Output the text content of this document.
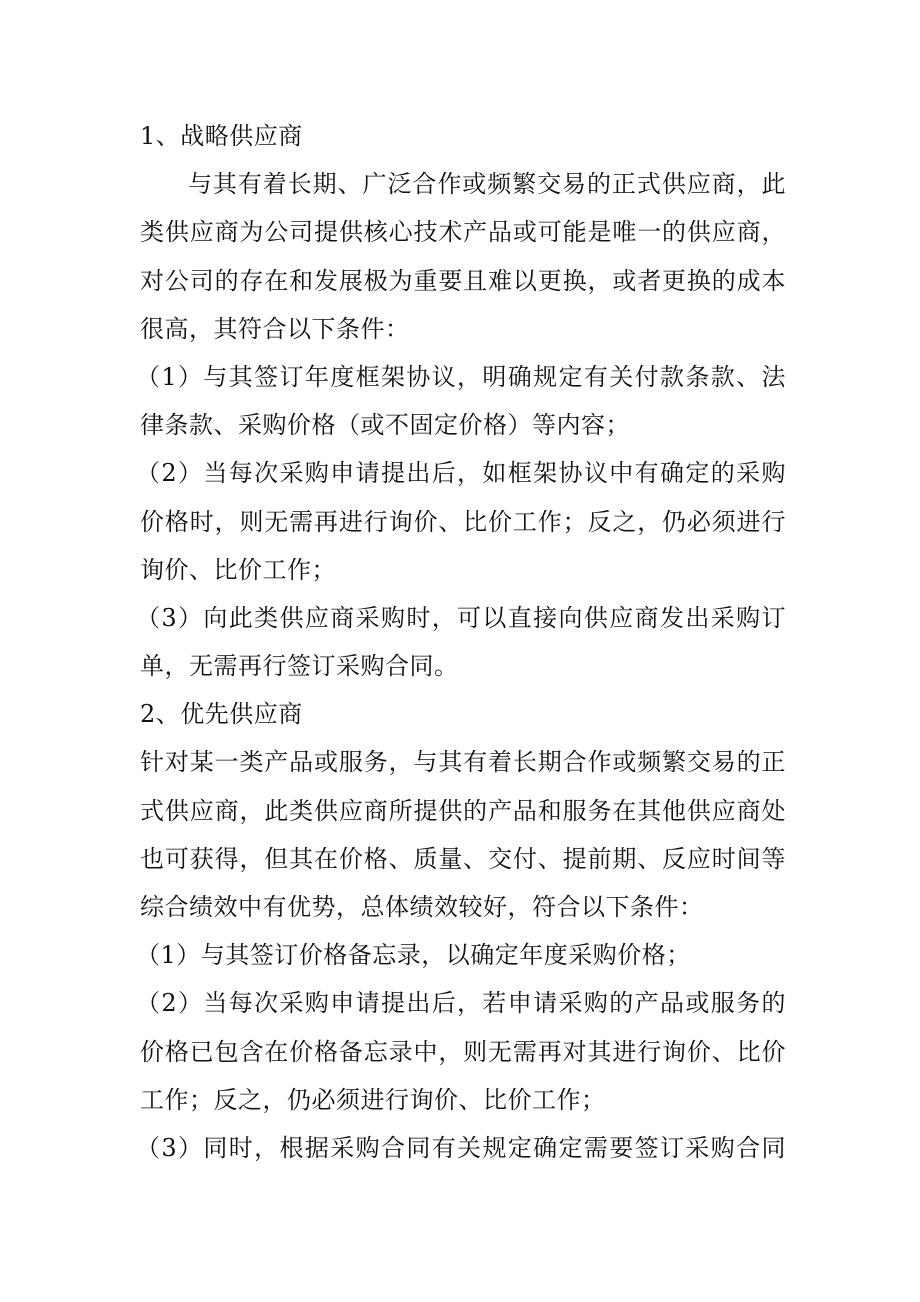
1、战略供应商
与其有着长期、广泛合作或频繁交易的正式供应商，此
类供应商为公司提供核心技术产品或可能是唯一的供应商，
对公司的存在和发展极为重要且难以更换，或者更换的成本
很高，其符合以下条件：
（1）与其签订年度框架协议，明确规定有关付款条款、法
律条款、采购价格（或不固定价格）等内容；
（2）当每次采购申请提出后，如框架协议中有确定的采购
价格时，则无需再进行询价、比价工作；反之，仍必须进行
询价、比价工作；
（3）向此类供应商采购时，可以直接向供应商发出采购订
单，无需再行签订采购合同。
2、优先供应商
针对某一类产品或服务，与其有着长期合作或频繁交易的正
式供应商，此类供应商所提供的产品和服务在其他供应商处
也可获得，但其在价格、质量、交付、提前期、反应时间等
综合绩效中有优势，总体绩效较好，符合以下条件：
（1）与其签订价格备忘录，以确定年度采购价格；
（2）当每次采购申请提出后，若申请采购的产品或服务的
价格已包含在价格备忘录中，则无需再对其进行询价、比价
工作；反之，仍必须进行询价、比价工作；
（3）同时，根据采购合同有关规定确定需要签订采购合同
